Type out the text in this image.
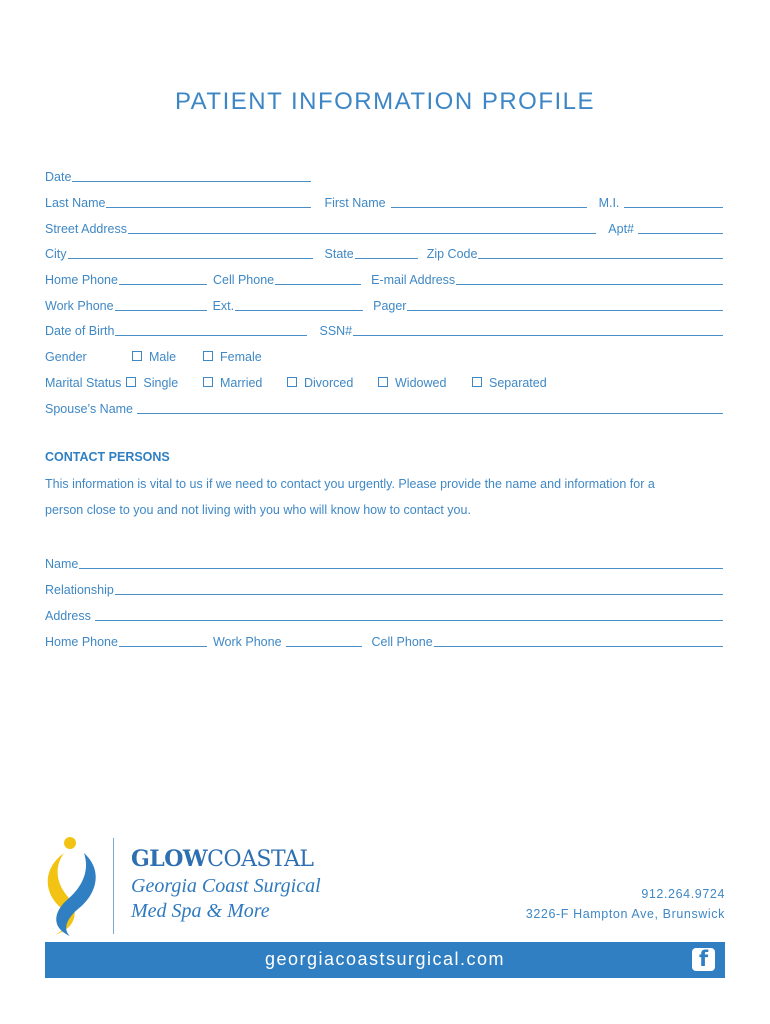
PATIENT INFORMATION PROFILE
Date
Last Name	First Name	M.I.
Street Address	Apt#
City	State	Zip Code
Home Phone	Cell Phone	E-mail Address
Work Phone	Ext.	Pager
Date of Birth	SSN#
Gender	Male	Female
Marital Status Single	Married	Divorced	Widowed	Separated
Spouse’s Name
CONTACT PERSONS
This information is vital to us if we need to contact you urgently. Please provide the name and information for a
person close to you and not living with you who will know how to contact you.
Name
Relationship
Address
Home Phone	Work Phone	Cell Phone
GLOWCOASTAL
Georgia Coast Surgical
Med Spa & More
912.264.9724
3226-F Hampton Ave, Brunswick
georgiacoastsurgical.com	f
